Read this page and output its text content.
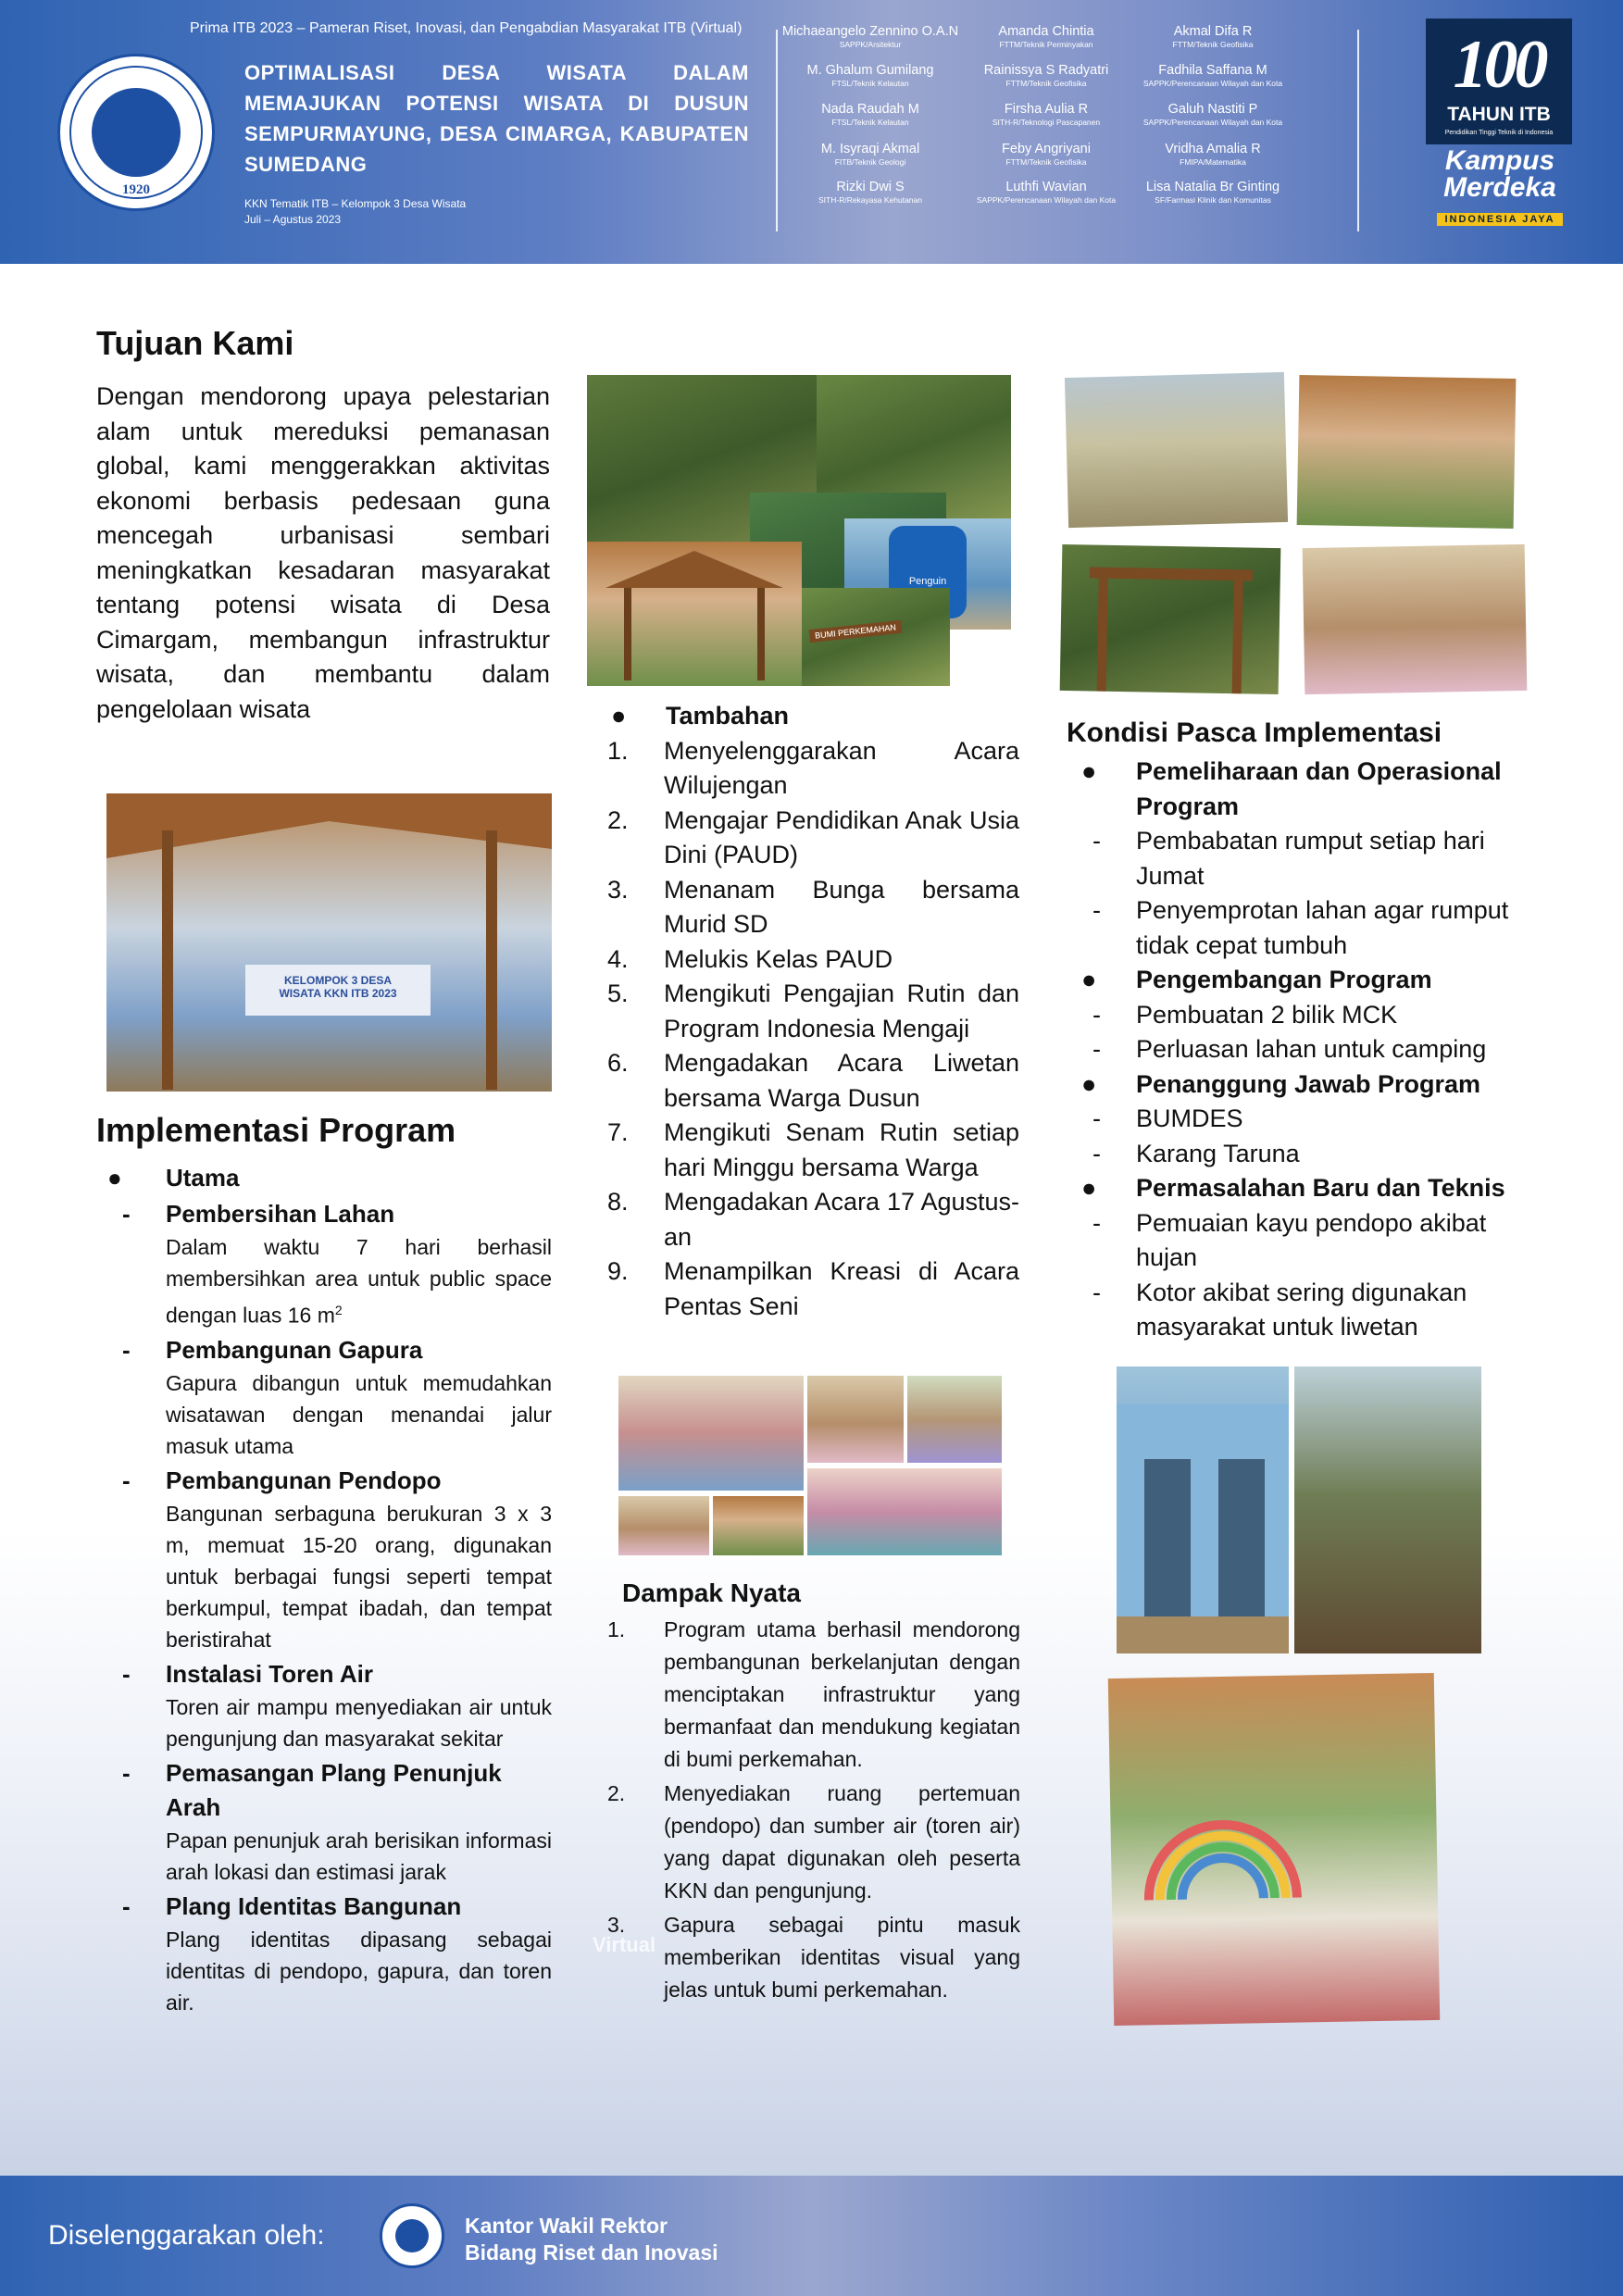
1920
Prima ITB 2023 – Pameran Riset, Inovasi, dan Pengabdian Masyarakat ITB (Virtual)
OPTIMALISASI DESA WISATA DALAM MEMAJUKAN POTENSI WISATA DI DUSUN SEMPURMAYUNG, DESA CIMARGA, KABUPATEN SUMEDANG
KKN Tematik ITB – Kelompok 3 Desa Wisata
Juli – Agustus 2023
Michaeangelo Zennino O.A.N
SAPPK/Arsitektur
Amanda Chintia
FTTM/Teknik Perminyakan
Akmal Difa R
FTTM/Teknik Geofisika
M. Ghalum Gumilang
FTSL/Teknik Kelautan
Rainissya S Radyatri
FTTM/Teknik Geofisika
Fadhila Saffana M
SAPPK/Perencanaan Wilayah dan Kota
Nada Raudah M
FTSL/Teknik Kelautan
Firsha Aulia R
SITH-R/Teknologi Pascapanen
Galuh Nastiti P
SAPPK/Perencanaan Wilayah dan Kota
M. Isyraqi Akmal
FITB/Teknik Geologi
Feby Angriyani
FTTM/Teknik Geofisika
Vridha Amalia R
FMIPA/Matematika
Rizki Dwi S
SITH-R/Rekayasa Kehutanan
Luthfi Wavian
SAPPK/Perencanaan Wilayah dan Kota
Lisa Natalia Br Ginting
SF/Farmasi Klinik dan Komunitas
100
TAHUN ITB
Pendidikan Tinggi Teknik di Indonesia
Kampus Merdeka
INDONESIA JAYA
Tujuan Kami

Dengan mendorong upaya pelestarian alam untuk mereduksi pemanasan global, kami menggerakkan aktivitas ekonomi berbasis pedesaan guna mencegah urbanisasi sembari meningkatkan kesadaran masyarakat tentang potensi wisata di Desa Cimargam, membangun infrastruktur wisata, dan membantu dalam pengelolaan wisata

KELOMPOK 3 DESA WISATA KKN ITB 2023
Implementasi Program
● Utama
- Pembersihan Lahan
Dalam waktu 7 hari berhasil membersihkan area untuk public space dengan luas 16 $m^2$
- Pembangunan Gapura
Gapura dibangun untuk memudahkan wisatawan dengan menandai jalur masuk utama
- Pembangunan Pendopo
Bangunan serbaguna berukuran 3 x 3 m, memuat 15-20 orang, digunakan untuk berbagai fungsi seperti tempat berkumpul, tempat ibadah, dan tempat beristirahat
- Instalasi Toren Air
Toren air mampu menyediakan air untuk pengunjung dan masyarakat sekitar
- Pemasangan Plang Penunjuk Arah
Papan penunjuk arah berisikan informasi arah lokasi dan estimasi jarak
- Plang Identitas Bangunan
Plang identitas dipasang sebagai identitas di pendopo, gapura, dan toren air.
Penguin
BUMI PERKEMAHAN
● Tambahan
1. Menyelenggarakan Acara Wilujengan
2. Mengajar Pendidikan Anak Usia Dini (PAUD)
3. Menanam Bunga bersama Murid SD
4. Melukis Kelas PAUD
5. Mengikuti Pengajian Rutin dan Program Indonesia Mengaji
6. Mengadakan Acara Liwetan bersama Warga Dusun
7. Mengikuti Senam Rutin setiap hari Minggu bersama Warga
8. Mengadakan Acara 17 Agustus-an
9. Menampilkan Kreasi di Acara Pentas Seni
Dampak Nyata
1. Program utama berhasil mendorong pembangunan berkelanjutan dengan menciptakan infrastruktur yang bermanfaat dan mendukung kegiatan di bumi perkemahan.
2. Menyediakan ruang pertemuan (pendopo) dan sumber air (toren air) yang dapat digunakan oleh peserta KKN dan pengunjung.
3. Gapura sebagai pintu masuk memberikan identitas visual yang jelas untuk bumi perkemahan.
Kondisi Pasca Implementasi
● Pemeliharaan dan Operasional Program
- Pembabatan rumput setiap hari Jumat
- Penyemprotan lahan agar rumput tidak cepat tumbuh
● Pengembangan Program
- Pembuatan 2 bilik MCK
- Perluasan lahan untuk camping
● Penanggung Jawab Program
- BUMDES
- Karang Taruna
● Permasalahan Baru dan Teknis
- Pemuaian kayu pendopo akibat hujan
- Kotor akibat sering digunakan masyarakat untuk liwetan
Virtual
Diselenggarakan oleh:	Kantor Wakil Rektor
Bidang Riset dan Inovasi
